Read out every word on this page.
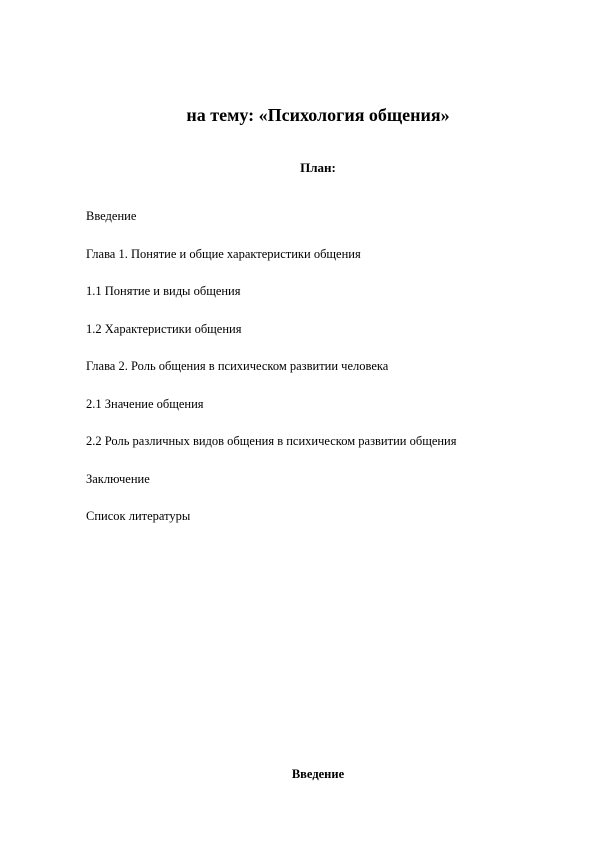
на тему: «Психология общения»
План:
Введение
Глава 1. Понятие и общие характеристики общения
1.1 Понятие и виды общения
1.2 Характеристики общения
Глава 2. Роль общения в психическом развитии человека
2.1 Значение общения
2.2 Роль различных видов общения в психическом развитии общения
Заключение
Список литературы
Введение
